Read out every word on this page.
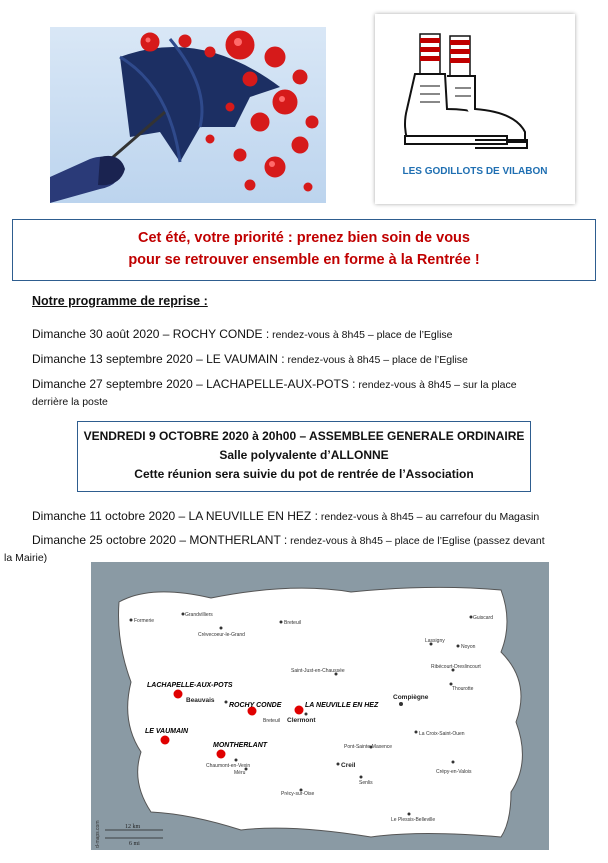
LES GODILLOTS DE VILABON
Cet été, votre priorité : prenez bien soin de vous
pour se retrouver ensemble en forme à la Rentrée !
Notre programme de reprise :
Dimanche 30 août 2020 – ROCHY CONDE : rendez-vous à 8h45 – place de l’Eglise
Dimanche 13 septembre 2020 – LE VAUMAIN : rendez-vous à 8h45 – place de l’Eglise
Dimanche 27 septembre 2020 – LACHAPELLE-AUX-POTS : rendez-vous à 8h45 – sur la place
derrière la poste
VENDREDI 9 OCTOBRE 2020 à 20h00 – ASSEMBLEE GENERALE ORDINAIRE
Salle polyvalente d’ALLONNE
Cette réunion sera suivie du pot de rentrée de l’Association
Dimanche 11 octobre 2020 – LA NEUVILLE EN HEZ : rendez-vous à 8h45 – au carrefour du Magasin
Dimanche 25 octobre 2020 – MONTHERLANT : rendez-vous à 8h45 – place de l’Eglise (passez devant
la Mairie)
Formerie
Grandvilliers
Crèvecoeur-le-Grand
Breteuil
Guiscard
Lassigny
Noyon
Saint-Just-en-Chaussée
Ribécourt-Dreslincourt
Thourotte
Beauvais
Breteuil Clermont
Compiègne
La Croix-Saint-Ouen
Pont-Sainte-Maxence
Creil
Crépy-en-Valois
Chaumont-en-Vexin
Méru
Précy-sur-Oise
Senlis
Le Plessis-Belleville
LACHAPELLE-AUX-POTS
ROCHY CONDE	LA NEUVILLE EN HEZ
LE VAUMAIN
MONTHERLANT
12 km
6 mi
d-maps.com
